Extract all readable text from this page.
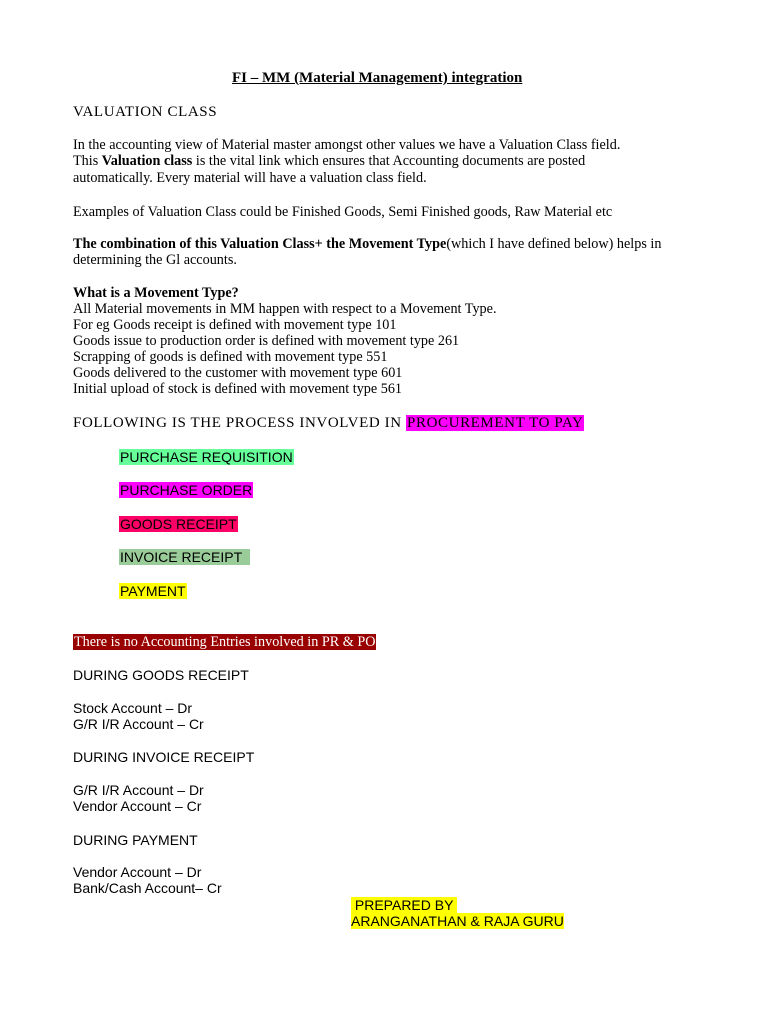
FI – MM (Material Management) integration
VALUATION CLASS
In the accounting view of Material master amongst other values we have a Valuation Class field.
This Valuation class is the vital link which ensures that Accounting documents are posted
automatically. Every material will have a valuation class field.
Examples of Valuation Class could be Finished Goods, Semi Finished goods, Raw Material etc
The combination of this Valuation Class+ the Movement Type(which I have defined below) helps in
determining the Gl accounts.
What is a Movement Type?
All Material movements in MM happen with respect to a Movement Type.
For eg Goods receipt is defined with movement type 101
Goods issue to production order is defined with movement type 261
Scrapping of goods is defined with movement type 551
Goods delivered to the customer with movement type 601
Initial upload of stock is defined with movement type 561
FOLLOWING IS THE PROCESS INVOLVED IN PROCUREMENT TO PAY
PURCHASE REQUISITION
PURCHASE ORDER
GOODS RECEIPT
INVOICE RECEIPT
PAYMENT
There is no Accounting Entries involved in PR & PO
DURING GOODS RECEIPT
Stock Account – Dr
G/R I/R Account – Cr
DURING INVOICE RECEIPT
G/R I/R Account – Dr
Vendor Account – Cr
DURING PAYMENT
Vendor Account – Dr
Bank/Cash Account– Cr
PREPARED BY
ARANGANATHAN & RAJA GURU
